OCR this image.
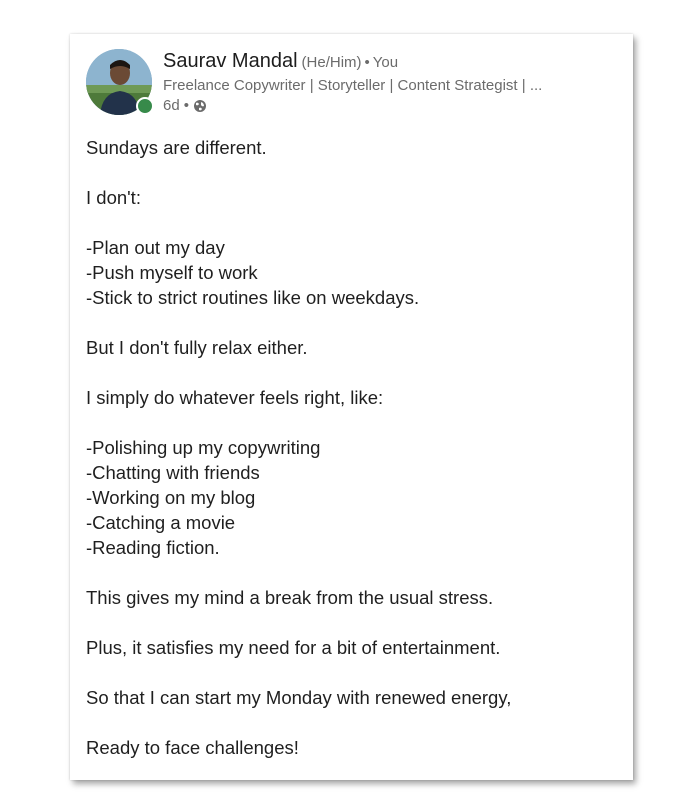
Saurav Mandal (He/Him) • You
Freelance Copywriter | Storyteller | Content Strategist | ...
6d •

Sundays are different.

I don't:

-Plan out my day

-Push myself to work

-Stick to strict routines like on weekdays.

But I don't fully relax either.

I simply do whatever feels right, like:

-Polishing up my copywriting

-Chatting with friends

-Working on my blog

-Catching a movie

-Reading fiction.

This gives my mind a break from the usual stress.

Plus, it satisfies my need for a bit of entertainment.

So that I can start my Monday with renewed energy,

Ready to face challenges!
